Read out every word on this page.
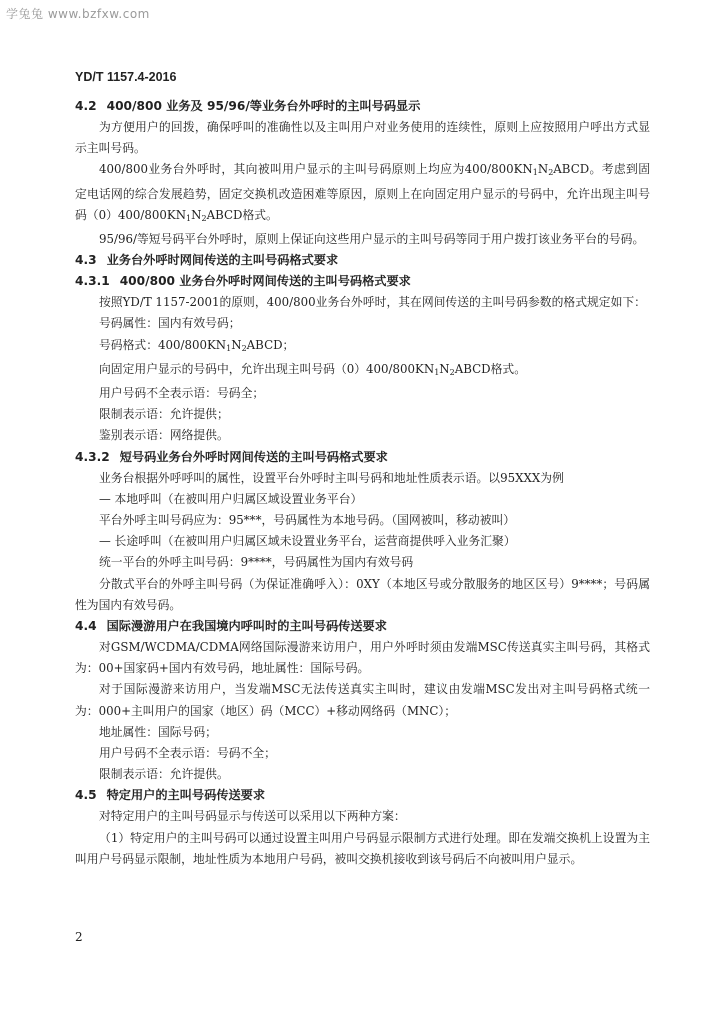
学兔兔 www.bzfxw.com
YD/T 1157.4-2016

4.2 400/800 业务及 95/96/等业务台外呼时的主叫号码显示

为方便用户的回拨，确保呼叫的准确性以及主叫用户对业务使用的连续性，原则上应按照用户呼出方式显示主叫号码。

400/800业务台外呼时，其向被叫用户显示的主叫号码原则上均应为$400/800KN_1N_2ABCD$。考虑到固定电话网的综合发展趋势，固定交换机改造困难等原因，原则上在向固定用户显示的号码中，允许出现主叫号码$(0)400/800KN_1N_2ABCD$格式。

95/96/等短号码平台外呼时，原则上保证向这些用户显示的主叫号码等同于用户拨打该业务平台的号码。

4.3 业务台外呼时网间传送的主叫号码格式要求

4.3.1 400/800 业务台外呼时网间传送的主叫号码格式要求

按照YD/T 1157-2001的原则，400/800业务台外呼时，其在网间传送的主叫号码参数的格式规定如下：

号码属性：国内有效号码；

号码格式：$400/800KN_1N_2ABCD$；

向固定用户显示的号码中，允许出现主叫号码$(0)400/800KN_1N_2ABCD$格式。

用户号码不全表示语：号码全；

限制表示语：允许提供；

鉴别表示语：网络提供。

4.3.2 短号码业务台外呼时网间传送的主叫号码格式要求

业务台根据外呼呼叫的属性，设置平台外呼时主叫号码和地址性质表示语。以95XXX为例

— 本地呼叫（在被叫用户归属区域设置业务平台）

平台外呼主叫号码应为：95***，号码属性为本地号码。（国网被叫，移动被叫）

— 长途呼叫（在被叫用户归属区域未设置业务平台，运营商提供呼入业务汇聚）

统一平台的外呼主叫号码：9****，号码属性为国内有效号码

分散式平台的外呼主叫号码（为保证准确呼入）：0XY（本地区号或分散服务的地区区号）9****；号码属性为国内有效号码。

4.4 国际漫游用户在我国境内呼叫时的主叫号码传送要求

对GSM/WCDMA/CDMA网络国际漫游来访用户，用户外呼时须由发端MSC传送真实主叫号码，其格式为：00+国家码+国内有效号码，地址属性：国际号码。

对于国际漫游来访用户，当发端MSC无法传送真实主叫时，建议由发端MSC发出对主叫号码格式统一为：000+主叫用户的国家（地区）码（MCC）+移动网络码（MNC）；

地址属性：国际号码；

用户号码不全表示语：号码不全；

限制表示语：允许提供。

4.5 特定用户的主叫号码传送要求

对特定用户的主叫号码显示与传送可以采用以下两种方案：

（1）特定用户的主叫号码可以通过设置主叫用户号码显示限制方式进行处理。即在发端交换机上设置为主叫用户号码显示限制，地址性质为本地用户号码，被叫交换机接收到该号码后不向被叫用户显示。

2
